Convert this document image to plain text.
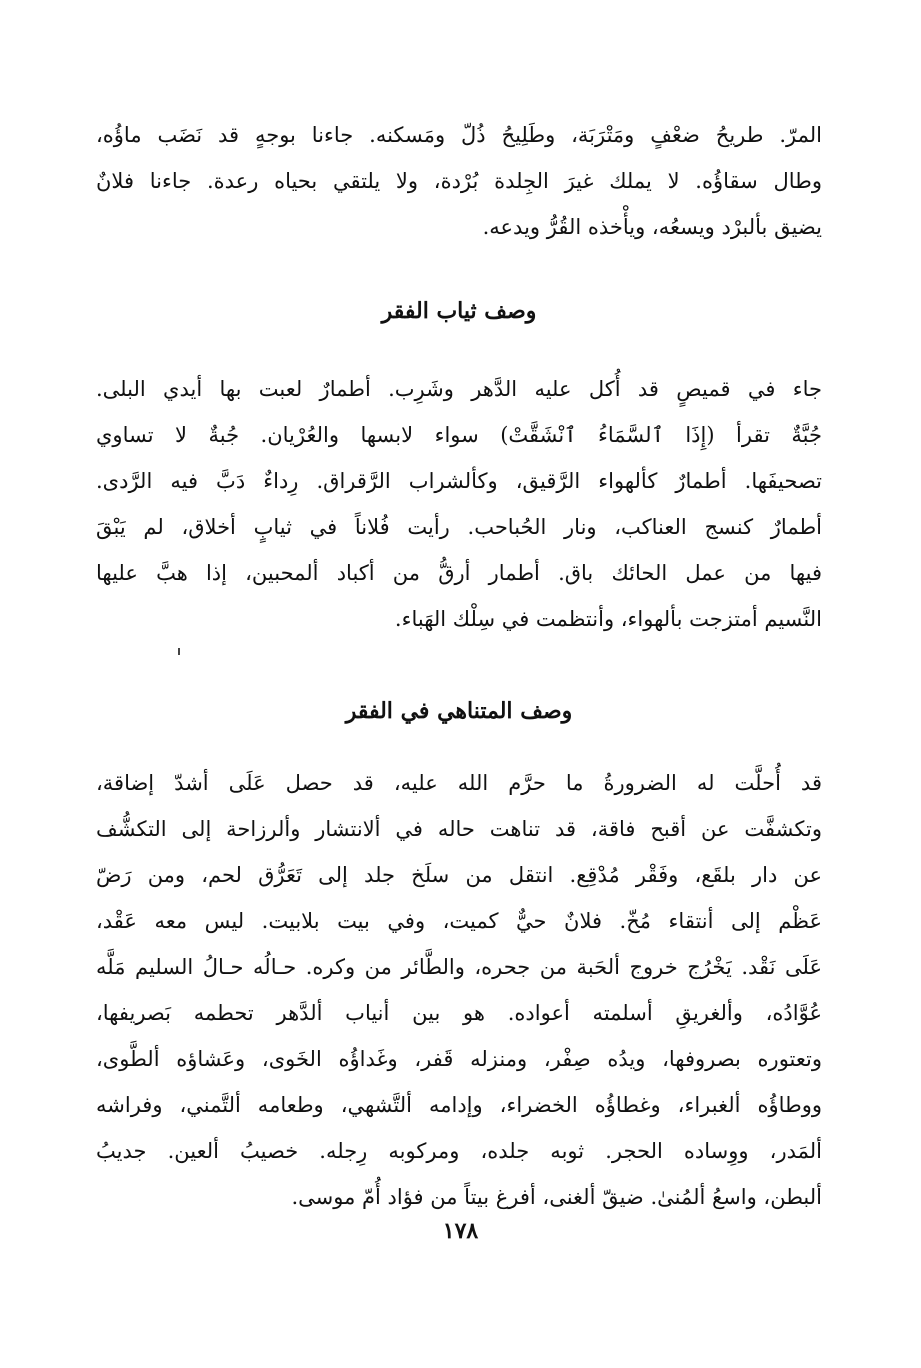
المرّ. طريحُ ضعْفٍ ومَتْرَبَة، وطَلِيحُ ذُلّ ومَسكنه. جاءنا بوجهٍ قد نَضَب ماؤُه،

وطال سقاؤُه. لا يملك غيرَ الجِلدة بُرْدة، ولا يلتقي بحياه رعدة. جاءنا فلانٌ

يضيق بألبرْد ويسعُه، ويأْخذه القُرُّ ويدعه.

وصف ثياب الفقر

جاء في قميصٍ قد أُكل عليه الدَّهر وشَرِب. أطمارٌ لعبت بها أيدي البلى.

جُبَّةٌ تقرأ (إِذَا ٱلسَّمَاءُ ٱنْشَقَّتْ) سواء لابسها والعُرْيان. جُبةٌ لا تساوي

تصحيفَها. أطمارٌ كألهواء الرَّقيق، وكألشراب الرَّقراق. رِداءٌ دَبَّ فيه الرَّدى.

أطمارٌ كنسج العناكب، ونار الحُباحب. رأيت فُلاناً في ثيابٍ أخلاق، لم يَبْقَ

فيها من عمل الحائك باق. أطمار أرقُّ من أكباد ألمحبين، إذا هبَّ عليها

النَّسيم أمتزجت بألهواء، وأنتظمت في سِلْك الهَباء.

وصف المتناهي في الفقر

قد أُحلَّت له الضرورةُ ما حرَّم الله عليه، قد حصل عَلَى أشدّ إضاقة،

وتكشفَّت عن أقبح فاقة، قد تناهت حاله في ألانتشار وألرزاحة إلى التكشُّف

عن دار بلقَع، وفَقْر مُدْقِع. انتقل من سلَخ جلد إلى تَعَرُّق لحم، ومن رَضّ

عَظْم إلى أنتقاء مُخّ. فلانٌ حيٌّ كميت، وفي بيت بلابيت. ليس معه عَقْد،

عَلَى نَقْد. يَخْرُج خروج ألحَبة من جحره، والطَّائر من وكره. حـالُه حـالُ السليم مَلَّه

عُوَّادُه، وألغريقِ أسلمته أعواده. هو بين أنياب ألدَّهر تحطمه بَصريفها،

وتعتوره بصروفها، ويدُه صِفْر، ومنزله قَفر، وغَداؤُه الخَوى، وعَشاؤه ألطَّوى،

ووطاؤُه ألغبراء، وغطاؤُه الخضراء، وإدامه ألتَّشهي، وطعامه ألتَّمني، وفراشه

ألمَدر، ووِساده الحجر. ثوبه جلده، ومركوبه رِجله. خصيبُ ألعين. جديبُ

ألبطن، واسعُ ألمُنىٰ. ضيقّ ألغنى، أفرغ بيتاً من فؤاد أُمّ موسى.

١٧٨
